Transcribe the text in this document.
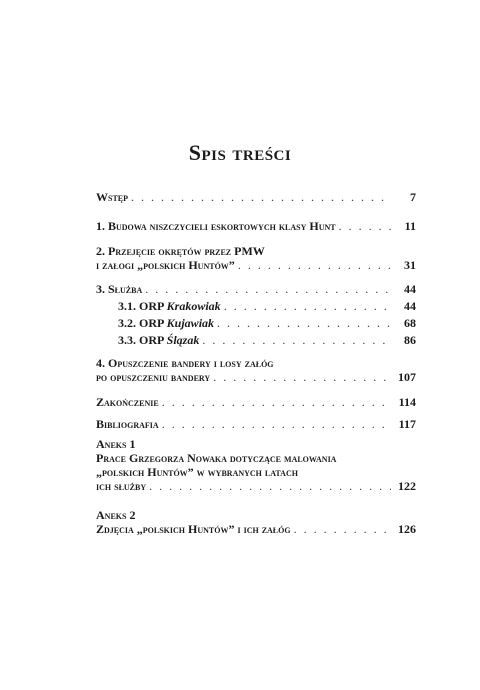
Spis treści
Wstęp . . .	7
1. Budowa niszczycieli eskortowych klasy Hunt . . .	11
2. Przejęcie okrętów przez PMW
i załogi „polskich Huntów” . . .	31
3. Służba . . .	44
3.1. ORP Krakowiak . . .	44
3.2. ORP Kujawiak . . .	68
3.3. ORP Ślązak . . .	86
4. Opuszczenie bandery i losy załóg
po opuszczeniu bandery . . .	107
Zakończenie . . .	114
Bibliografia . . .	117
Aneks 1
Prace Grzegorza Nowaka dotyczące malowania
„polskich Huntów” w wybranych latach
ich służby . . .	122
Aneks 2
Zdjęcia „polskich Huntów” i ich załóg . . .	126
